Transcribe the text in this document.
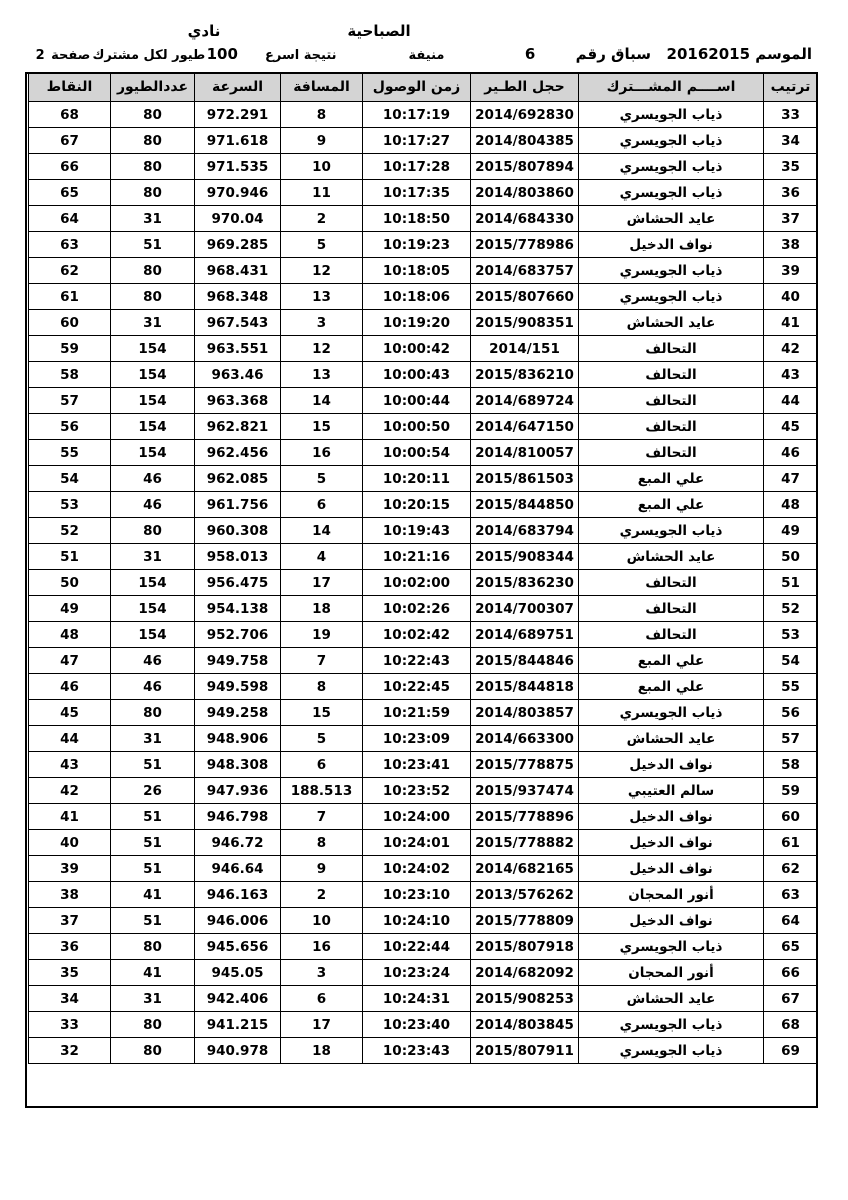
الصباحية
نادي
الموسم 20162015
سباق رقم
6
منيفة
نتيجة اسرع
100
طيور لكل مشترك
صفحة
2
ترتيب	اســــم المشـــترك	حجل الطـير	زمن الوصول	المسافة	السرعة	عددالطيور	النقاط
33	ذياب الجويسري	2014/692830	10:17:19	8	972.291	80	68
34	ذياب الجويسري	2014/804385	10:17:27	9	971.618	80	67
35	ذياب الجويسري	2015/807894	10:17:28	10	971.535	80	66
36	ذياب الجويسري	2014/803860	10:17:35	11	970.946	80	65
37	عايد الحشاش	2014/684330	10:18:50	2	970.04	31	64
38	نواف الدخيل	2015/778986	10:19:23	5	969.285	51	63
39	ذياب الجويسري	2014/683757	10:18:05	12	968.431	80	62
40	ذياب الجويسري	2015/807660	10:18:06	13	968.348	80	61
41	عايد الحشاش	2015/908351	10:19:20	3	967.543	31	60
42	التحالف	2014/151	10:00:42	12	963.551	154	59
43	التحالف	2015/836210	10:00:43	13	963.46	154	58
44	التحالف	2014/689724	10:00:44	14	963.368	154	57
45	التحالف	2014/647150	10:00:50	15	962.821	154	56
46	التحالف	2014/810057	10:00:54	16	962.456	154	55
47	علي المبع	2015/861503	10:20:11	5	962.085	46	54
48	علي المبع	2015/844850	10:20:15	6	961.756	46	53
49	ذياب الجويسري	2014/683794	10:19:43	14	960.308	80	52
50	عايد الحشاش	2015/908344	10:21:16	4	958.013	31	51
51	التحالف	2015/836230	10:02:00	17	956.475	154	50
52	التحالف	2014/700307	10:02:26	18	954.138	154	49
53	التحالف	2014/689751	10:02:42	19	952.706	154	48
54	علي المبع	2015/844846	10:22:43	7	949.758	46	47
55	علي المبع	2015/844818	10:22:45	8	949.598	46	46
56	ذياب الجويسري	2014/803857	10:21:59	15	949.258	80	45
57	عايد الحشاش	2014/663300	10:23:09	5	948.906	31	44
58	نواف الدخيل	2015/778875	10:23:41	6	948.308	51	43
59	سالم العتيبي	2015/937474	10:23:52	188.513	947.936	26	42
60	نواف الدخيل	2015/778896	10:24:00	7	946.798	51	41
61	نواف الدخيل	2015/778882	10:24:01	8	946.72	51	40
62	نواف الدخيل	2014/682165	10:24:02	9	946.64	51	39
63	أنور المحجان	2013/576262	10:23:10	2	946.163	41	38
64	نواف الدخيل	2015/778809	10:24:10	10	946.006	51	37
65	ذياب الجويسري	2015/807918	10:22:44	16	945.656	80	36
66	أنور المحجان	2014/682092	10:23:24	3	945.05	41	35
67	عايد الحشاش	2015/908253	10:24:31	6	942.406	31	34
68	ذياب الجويسري	2014/803845	10:23:40	17	941.215	80	33
69	ذياب الجويسري	2015/807911	10:23:43	18	940.978	80	32
